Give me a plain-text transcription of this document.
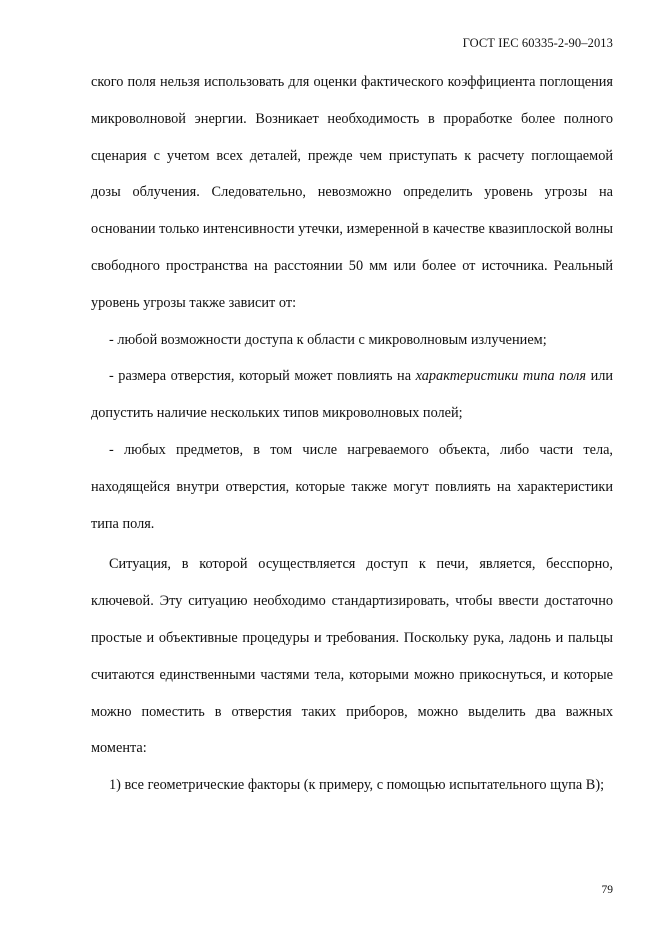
ГОСТ IEC 60335-2-90–2013

ского поля нельзя использовать для оценки фактического коэффициента поглощения микроволновой энергии. Возникает необходимость в проработке более полного сценария с учетом всех деталей, прежде чем приступать к расчету поглощаемой дозы облучения. Следовательно, невозможно определить уровень угрозы на основании только интенсивности утечки, измеренной в качестве квазиплоской волны свободного пространства на расстоянии 50 мм или более от источника. Реальный уровень угрозы также зависит от:

- любой возможности доступа к области с микроволновым излучением;

- размера отверстия, который может повлиять на характеристики типа поля или допустить наличие нескольких типов микроволновых полей;

- любых предметов, в том числе нагреваемого объекта, либо части тела, находящейся внутри отверстия, которые также могут повлиять на характеристики типа поля.

Ситуация, в которой осуществляется доступ к печи, является, бесспорно, ключевой. Эту ситуацию необходимо стандартизировать, чтобы ввести достаточно простые и объективные процедуры и требования. Поскольку рука, ладонь и пальцы считаются единственными частями тела, которыми можно прикоснуться, и которые можно поместить в отверстия таких приборов, можно выделить два важных момента:

1) все геометрические факторы (к примеру, с помощью испытательного щупа В);

79
